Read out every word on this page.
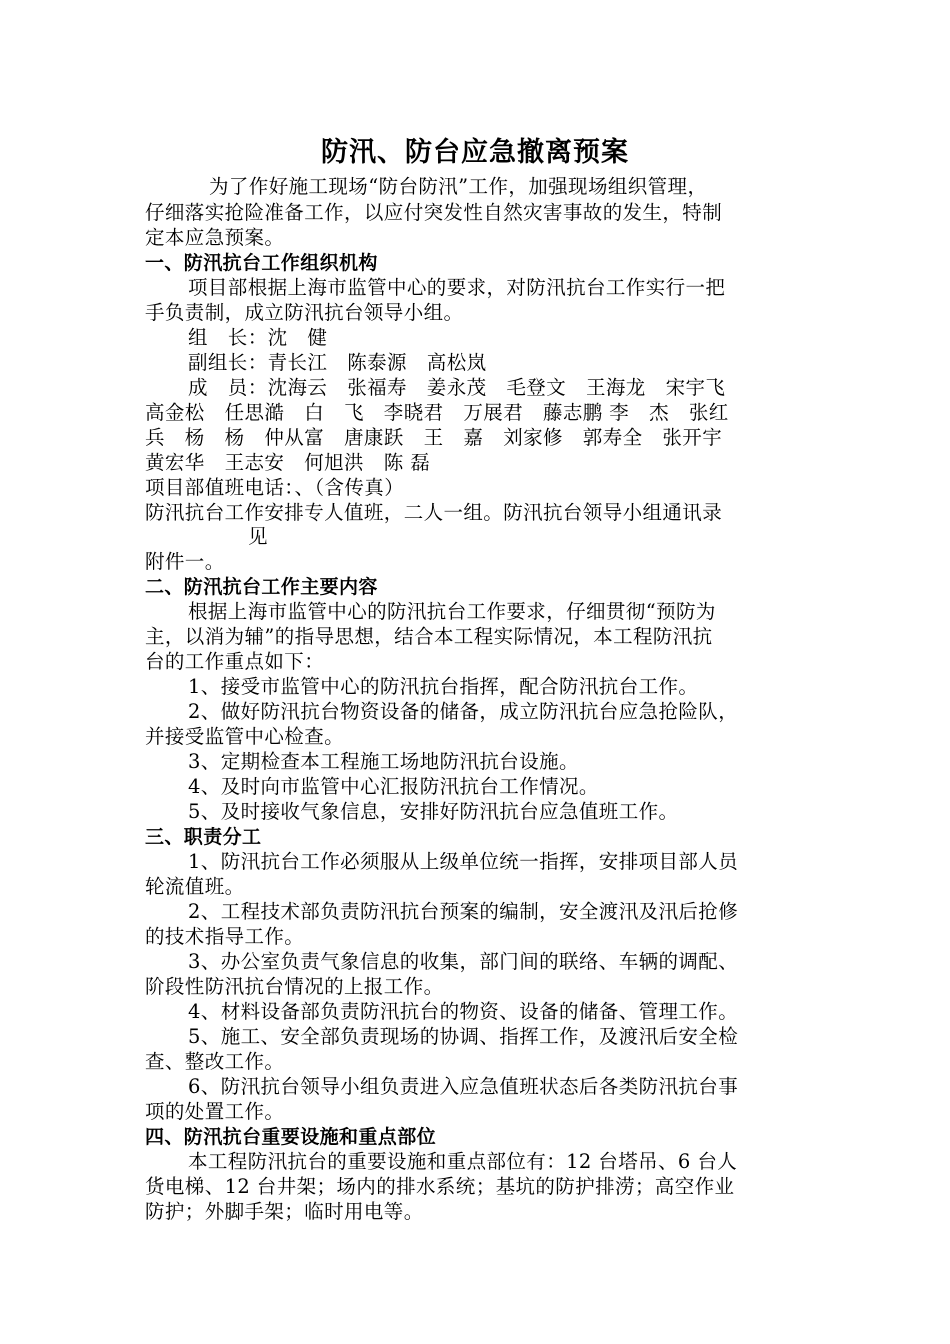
防汛、防台应急撤离预案
为了作好施工现场“防台防汛”工作，加强现场组织管理，
仔细落实抢险准备工作，以应付突发性自然灾害事故的发生，特制
定本应急预案。
一、防汛抗台工作组织机构
项目部根据上海市监管中心的要求，对防汛抗台工作实行一把
手负责制，成立防汛抗台领导小组。
组　长：沈　健
副组长：青长江　陈泰源　高松岚
成　员：沈海云　张福寿　姜永茂　毛登文　王海龙　宋宇飞
高金松　任思澔　白　飞　李晓君　万展君　藤志鹏 李　杰　张红
兵　杨　杨　仲从富　唐康跃　王　嘉　刘家修　郭寿全　张开宇
黄宏华　王志安　何旭洪　陈 磊
项目部值班电话：、（含传真）
防汛抗台工作安排专人值班，二人一组。防汛抗台领导小组通讯录
见
附件一。
二、防汛抗台工作主要内容
根据上海市监管中心的防汛抗台工作要求，仔细贯彻“预防为
主，以消为辅”的指导思想，结合本工程实际情况，本工程防汛抗
台的工作重点如下：
1、接受市监管中心的防汛抗台指挥，配合防汛抗台工作。
2、做好防汛抗台物资设备的储备，成立防汛抗台应急抢险队，
并接受监管中心检查。
3、定期检查本工程施工场地防汛抗台设施。
4、及时向市监管中心汇报防汛抗台工作情况。
5、及时接收气象信息，安排好防汛抗台应急值班工作。
三、职责分工
1、防汛抗台工作必须服从上级单位统一指挥，安排项目部人员
轮流值班。
2、工程技术部负责防汛抗台预案的编制，安全渡汛及汛后抢修
的技术指导工作。
3、办公室负责气象信息的收集，部门间的联络、车辆的调配、
阶段性防汛抗台情况的上报工作。
4、材料设备部负责防汛抗台的物资、设备的储备、管理工作。
5、施工、安全部负责现场的协调、指挥工作，及渡汛后安全检
查、整改工作。
6、防汛抗台领导小组负责进入应急值班状态后各类防汛抗台事
项的处置工作。
四、防汛抗台重要设施和重点部位
本工程防汛抗台的重要设施和重点部位有：12 台塔吊、6 台人
货电梯、12 台井架；场内的排水系统；基坑的防护排涝；高空作业
防护；外脚手架；临时用电等。
